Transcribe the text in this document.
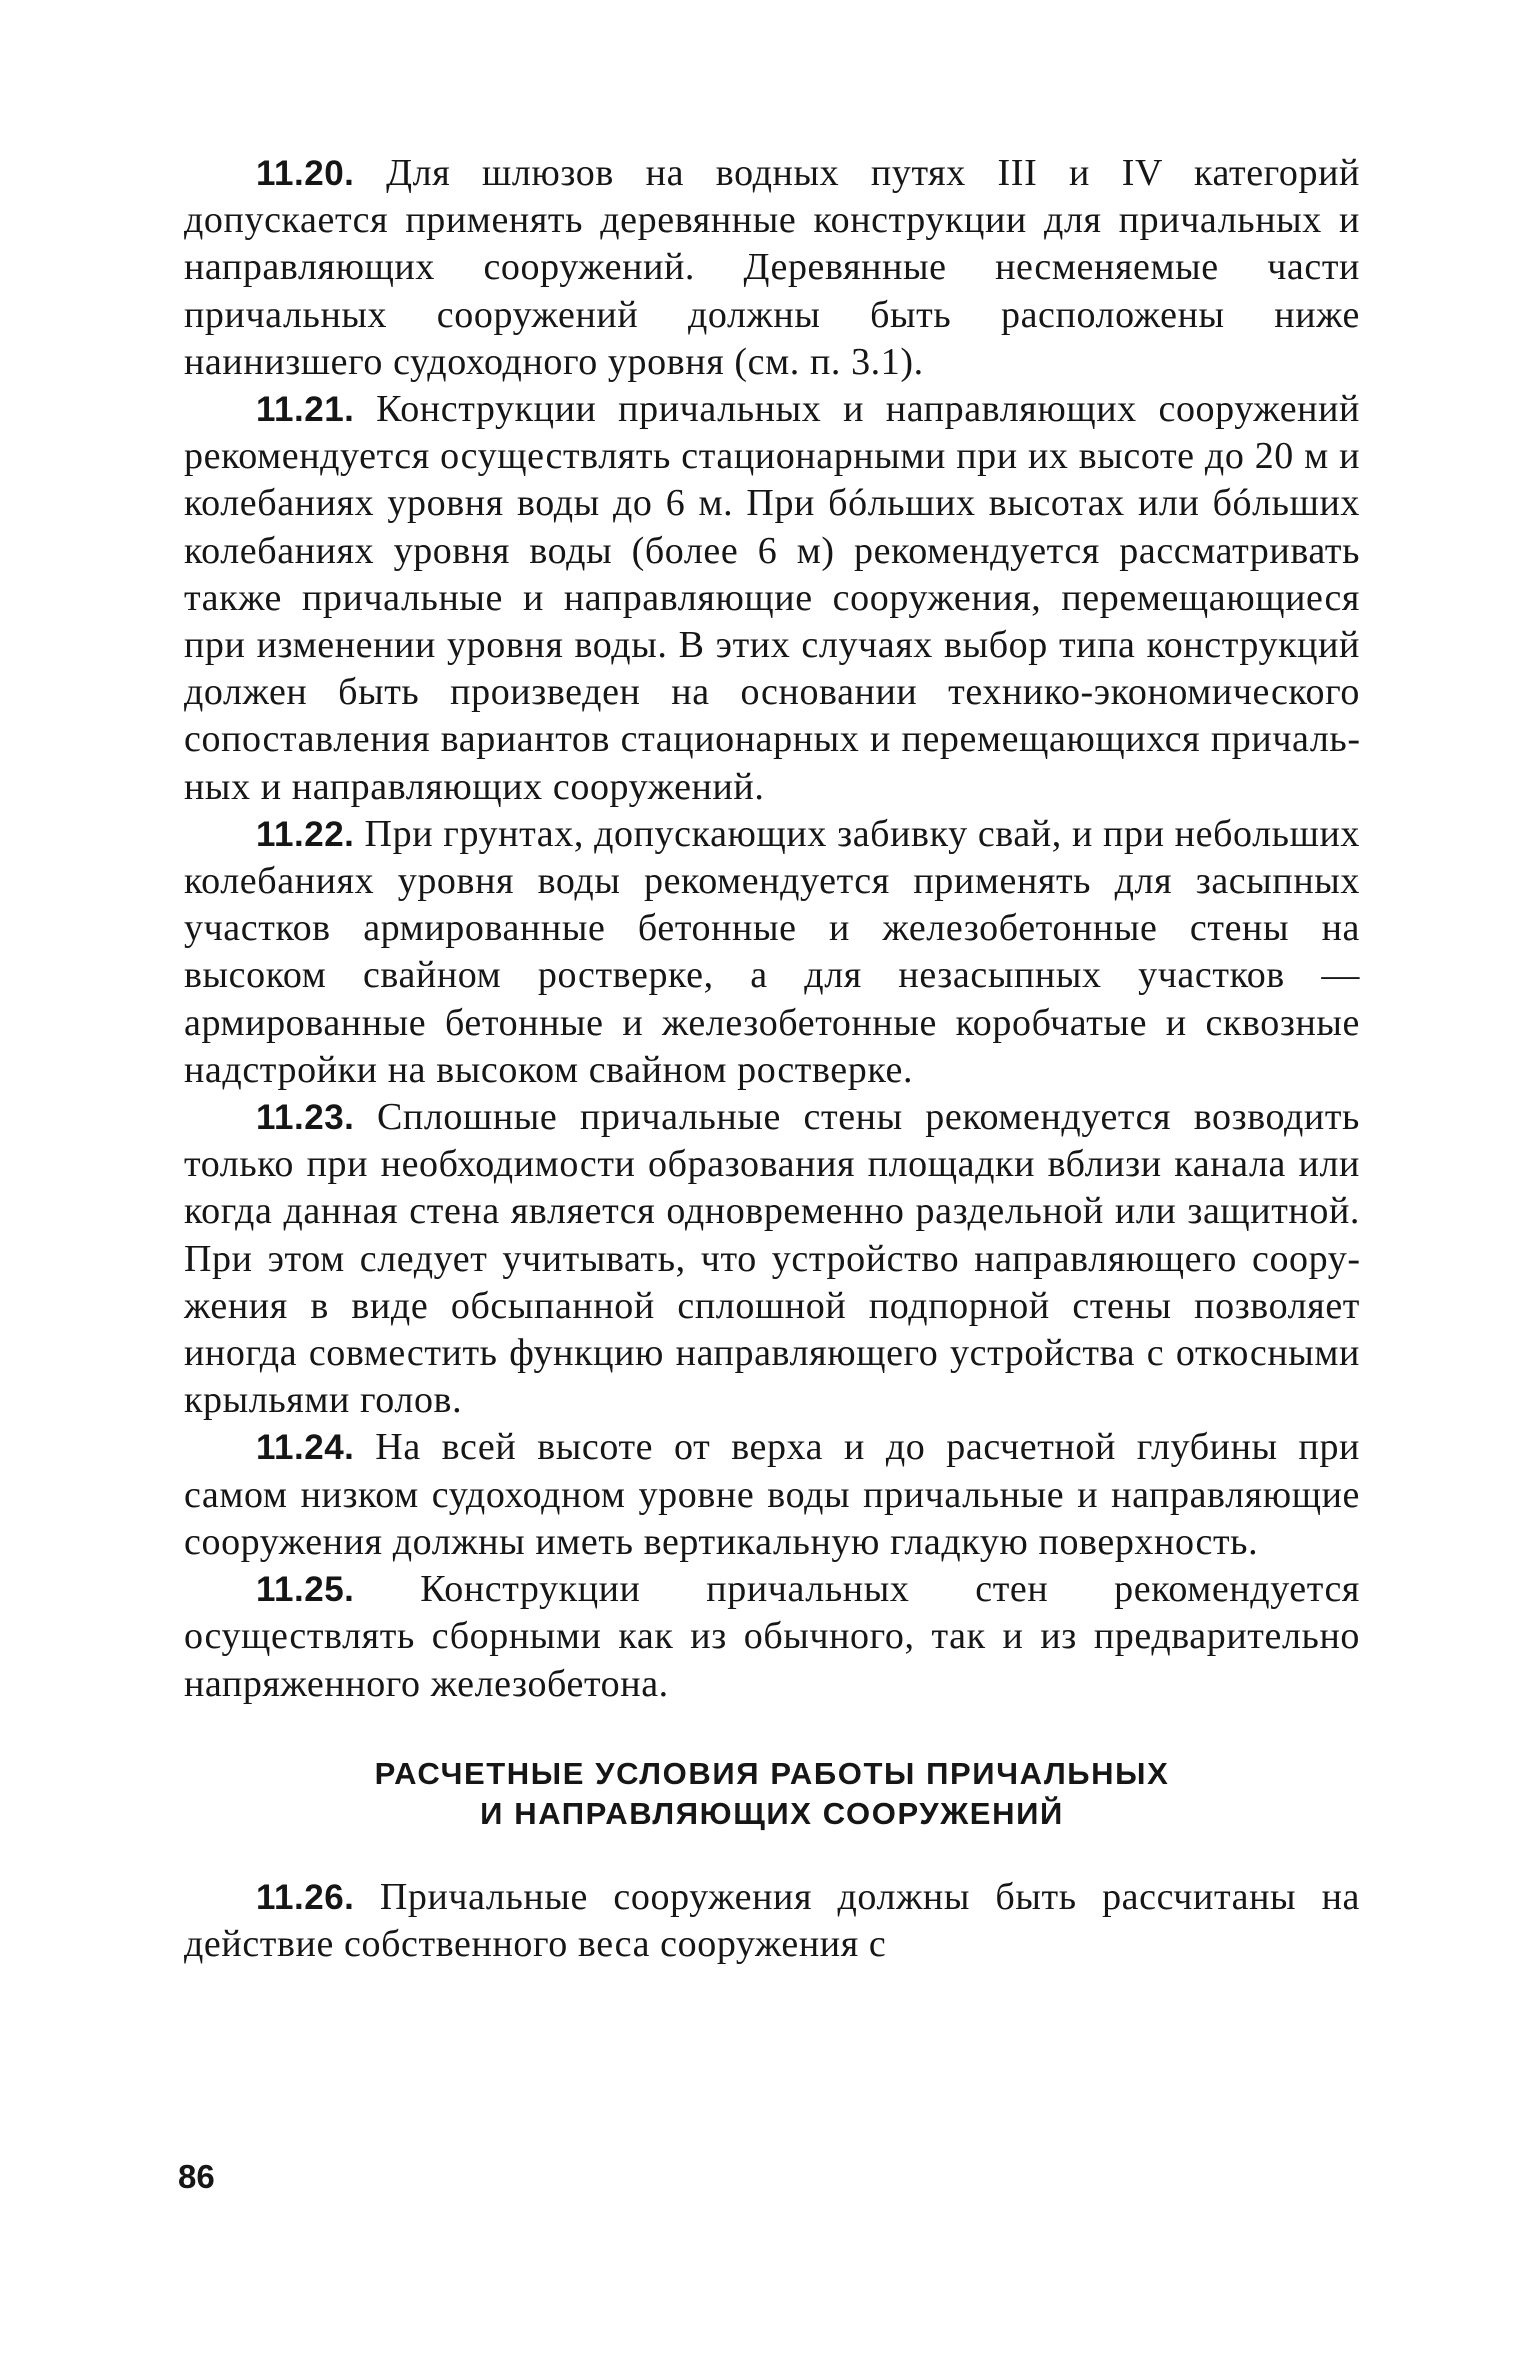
11.20. Для шлюзов на водных путях III и IV категорий допускается применять деревянные конструкции для причальных и направляющих сооружений. Деревянные несменяемые части причальных сооружений должны быть расположены ниже наинизшего судоходного уровня (см. п. 3.1).

11.21. Конструкции причальных и направляющих сооружений рекомендуется осуществлять стационарными при их высоте до 20 м и колебаниях уровня воды до 6 м. При бóльших высотах или бóльших колебаниях уровня воды (более 6 м) рекомендуется рассматривать также причальные и направляющие сооружения, перемещающиеся при изменении уровня воды. В этих случаях выбор типа конструкций должен быть произведен на основании технико-экономического сопоставления вариантов стационарных и перемещающихся причальных и направляющих сооружений.

11.22. При грунтах, допускающих забивку свай, и при небольших колебаниях уровня воды рекомендуется применять для засыпных участков армированные бетонные и железобетонные стены на высоком свайном ростверке, а для незасыпных участков — армированные бетонные и железобетонные коробчатые и сквозные надстройки на высоком свайном ростверке.

11.23. Сплошные причальные стены рекомендуется возводить только при необходимости образования площадки вблизи канала или когда данная стена является одновременно раздельной или защитной. При этом следует учитывать, что устройство направляющего сооружения в виде обсыпанной сплошной подпорной стены позволяет иногда совместить функцию направляющего устройства с откосными крыльями голов.

11.24. На всей высоте от верха и до расчетной глубины при самом низком судоходном уровне воды причальные и направляющие сооружения должны иметь вертикальную гладкую поверхность.

11.25. Конструкции причальных стен рекомендуется осуществлять сборными как из обычного, так и из предварительно напряженного железобетона.

РАСЧЕТНЫЕ УСЛОВИЯ РАБОТЫ ПРИЧАЛЬНЫХ
И НАПРАВЛЯЮЩИХ СООРУЖЕНИЙ

11.26. Причальные сооружения должны быть рассчитаны на действие собственного веса сооружения с

86
